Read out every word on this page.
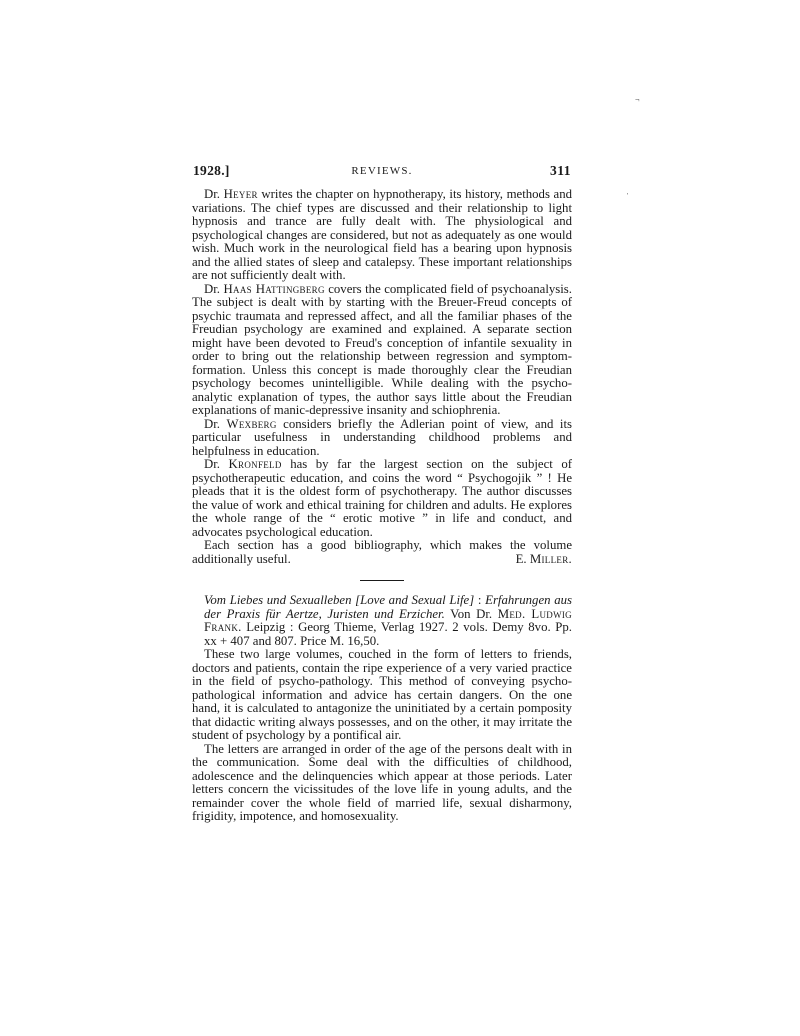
¬
'
1928.]	REVIEWS.	311

Dr. Heyer writes the chapter on hypnotherapy, its history, methods and variations. The chief types are discussed and their relationship to light hypnosis and trance are fully dealt with. The physiological and psychological changes are considered, but not as adequately as one would wish. Much work in the neurological field has a bearing upon hypnosis and the allied states of sleep and catalepsy. These important relationships are not sufficiently dealt with.

Dr. Haas Hattingberg covers the complicated field of psychoanalysis. The subject is dealt with by starting with the Breuer-Freud concepts of psychic traumata and repressed affect, and all the familiar phases of the Freudian psychology are examined and explained. A separate section might have been devoted to Freud's conception of infantile sexuality in order to bring out the relationship between regression and symptom-formation. Unless this concept is made thoroughly clear the Freudian psychology becomes unintelligible. While dealing with the psycho-analytic explanation of types, the author says little about the Freudian explanations of manic-depressive insanity and schiophrenia.

Dr. Wexberg considers briefly the Adlerian point of view, and its particular usefulness in understanding childhood problems and helpfulness in education.

Dr. Kronfeld has by far the largest section on the subject of psychotherapeutic education, and coins the word “ Psychogojik ” ! He pleads that it is the oldest form of psychotherapy. The author discusses the value of work and ethical training for children and adults. He explores the whole range of the “ erotic motive ” in life and conduct, and advocates psychological education.

Each section has a good bibliography, which makes the volume additionally useful.	E. Miller.

Vom Liebes und Sexualleben [Love and Sexual Life] : Erfahrungen aus der Praxis für Aertze, Juristen und Erzicher. Von Dr. Med. Ludwig Frank. Leipzig : Georg Thieme, Verlag 1927. 2 vols. Demy 8vo. Pp. xx + 407 and 807. Price M. 16,50.

These two large volumes, couched in the form of letters to friends, doctors and patients, contain the ripe experience of a very varied practice in the field of psycho-pathology. This method of conveying psycho-pathological information and advice has certain dangers. On the one hand, it is calculated to antagonize the uninitiated by a certain pomposity that didactic writing always possesses, and on the other, it may irritate the student of psychology by a pontifical air.

The letters are arranged in order of the age of the persons dealt with in the communication. Some deal with the difficulties of childhood, adolescence and the delinquencies which appear at those periods. Later letters concern the vicissitudes of the love life in young adults, and the remainder cover the whole field of married life, sexual disharmony, frigidity, impotence, and homosexuality.
